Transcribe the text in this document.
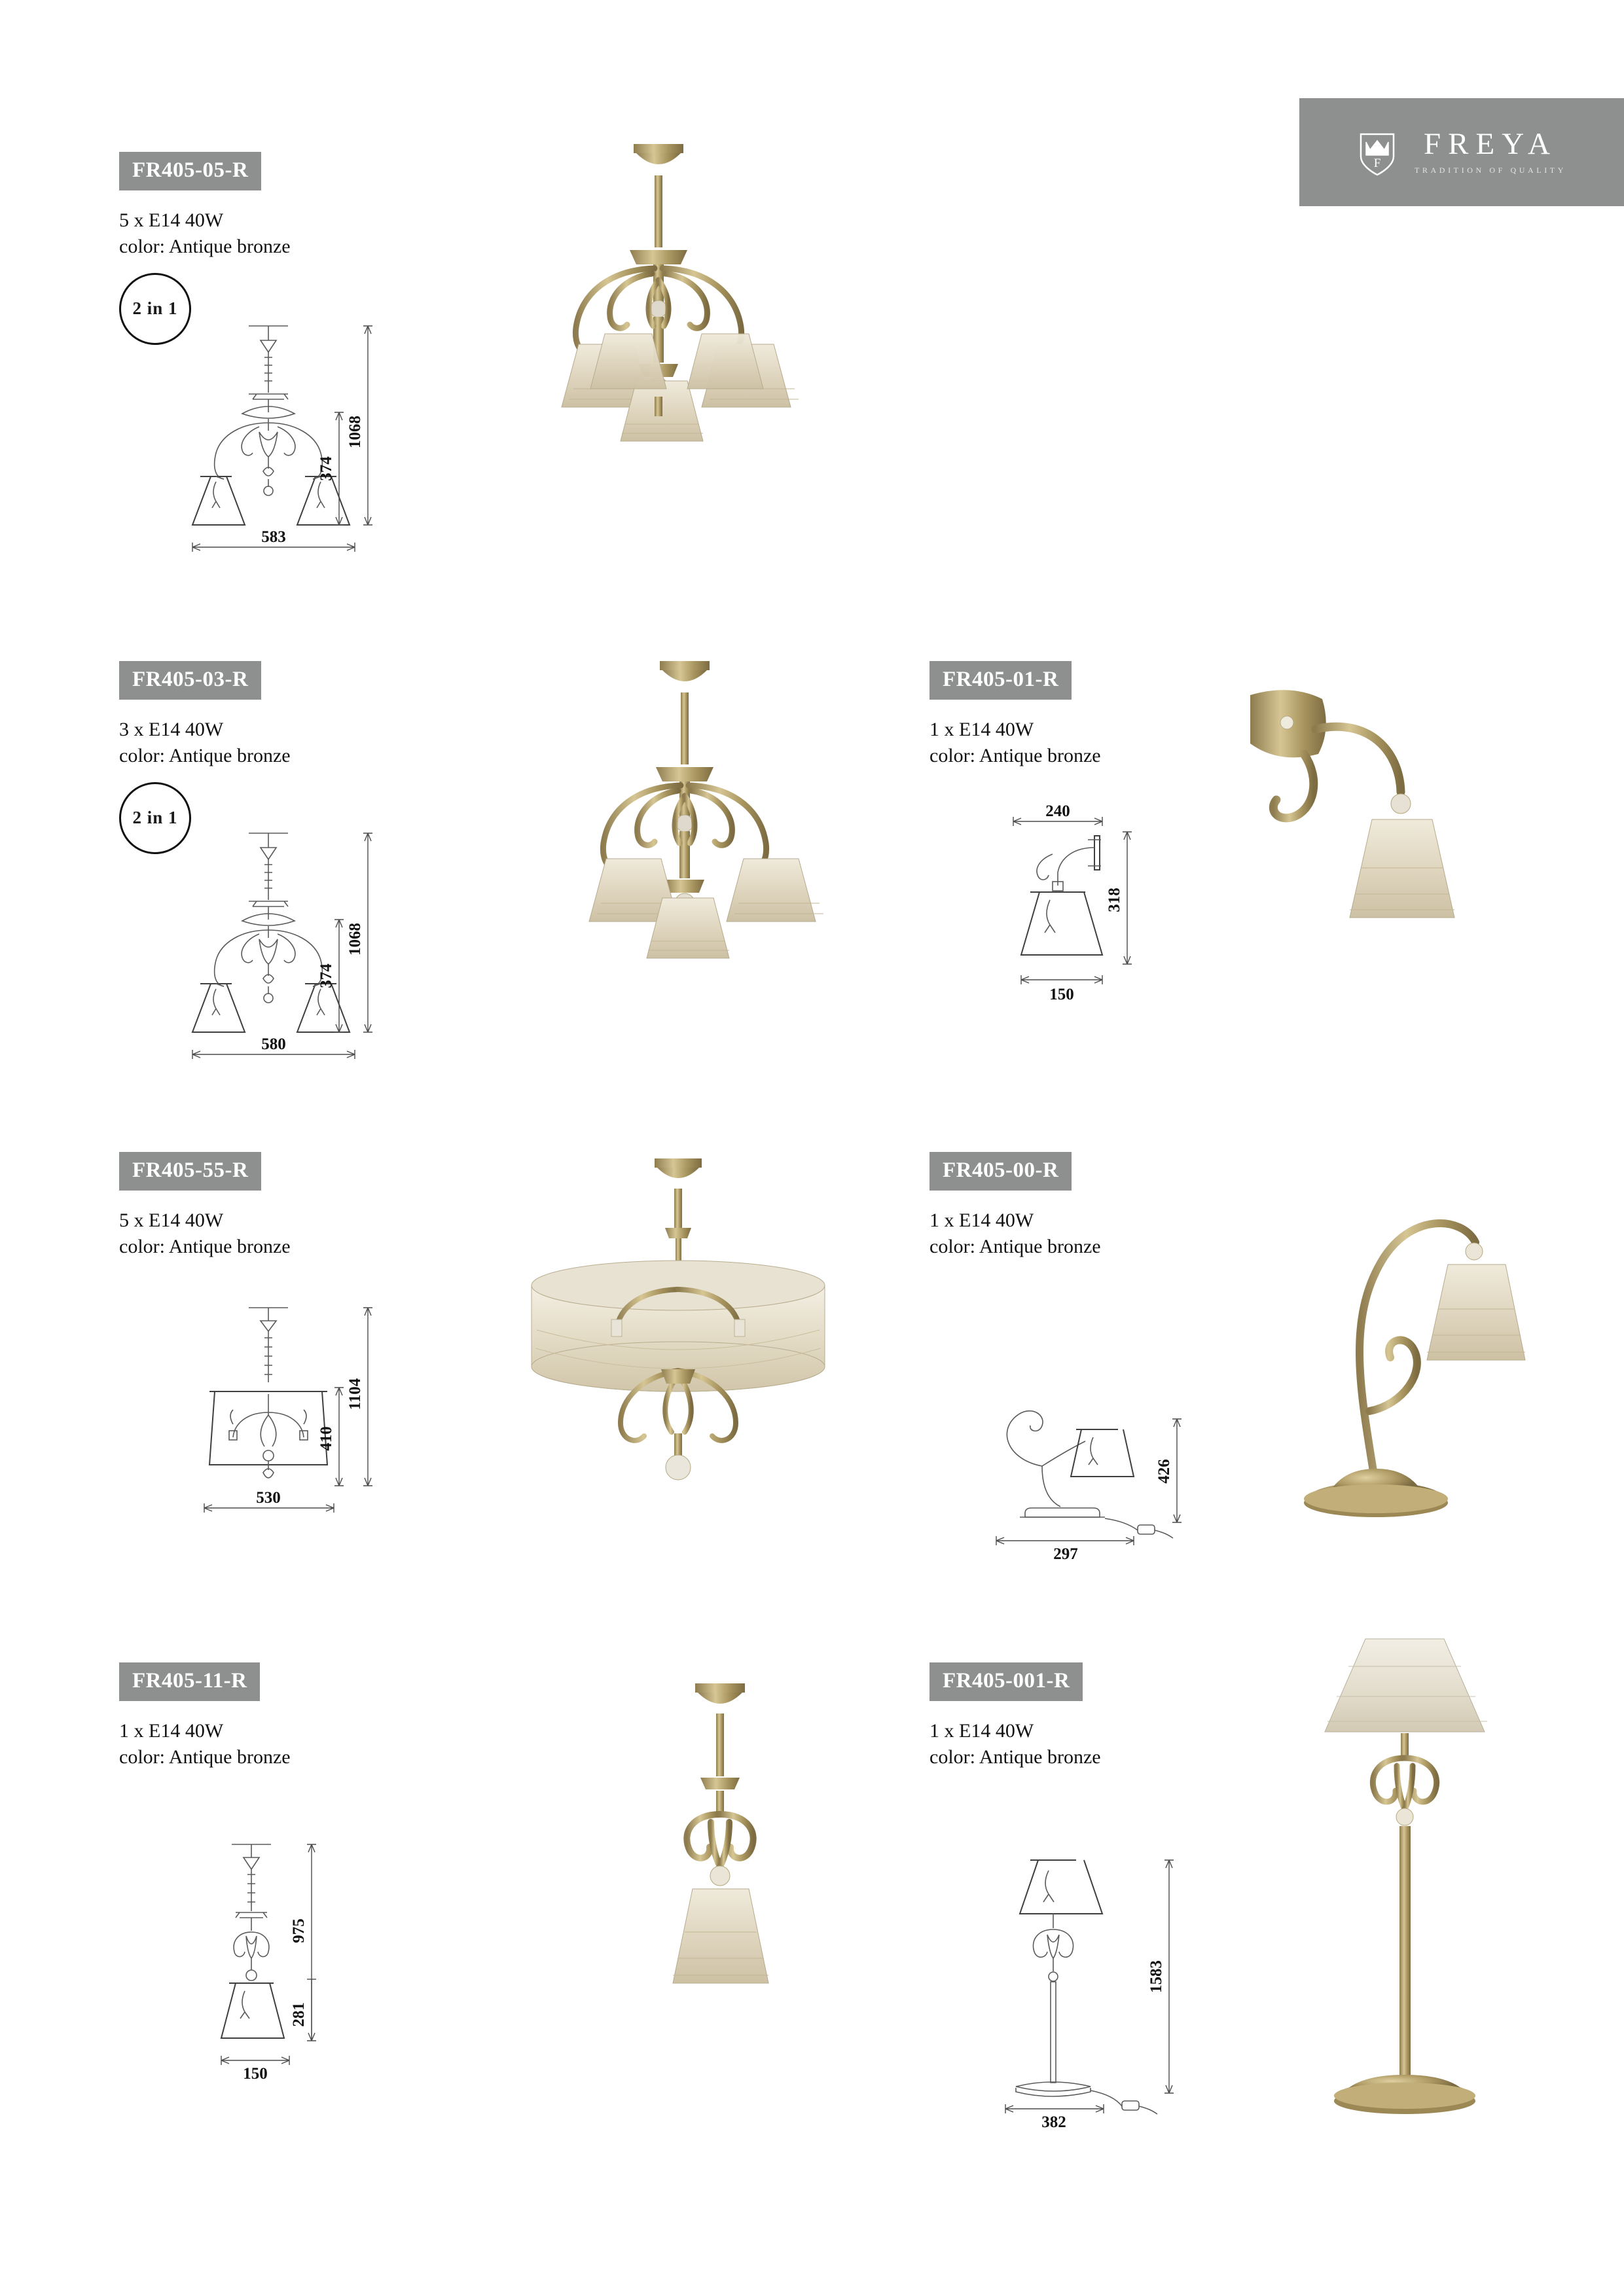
F
FREYA
TRADITION OF QUALITY
FR405-05-R
5 x E14 40W
color: Antique bronze
2 in 1
1068
374
583
FR405-03-R
3 x E14 40W
color: Antique bronze
2 in 1
1068
374
580
FR405-01-R
1 x E14 40W
color: Antique bronze
240
318
150
FR405-55-R
5 x E14 40W
color: Antique bronze
1104
410
530
FR405-00-R
1 x E14 40W
color: Antique bronze
426
297
FR405-11-R
1 x E14 40W
color: Antique bronze
975
281
150
FR405-001-R
1 x E14 40W
color: Antique bronze
1583
382
